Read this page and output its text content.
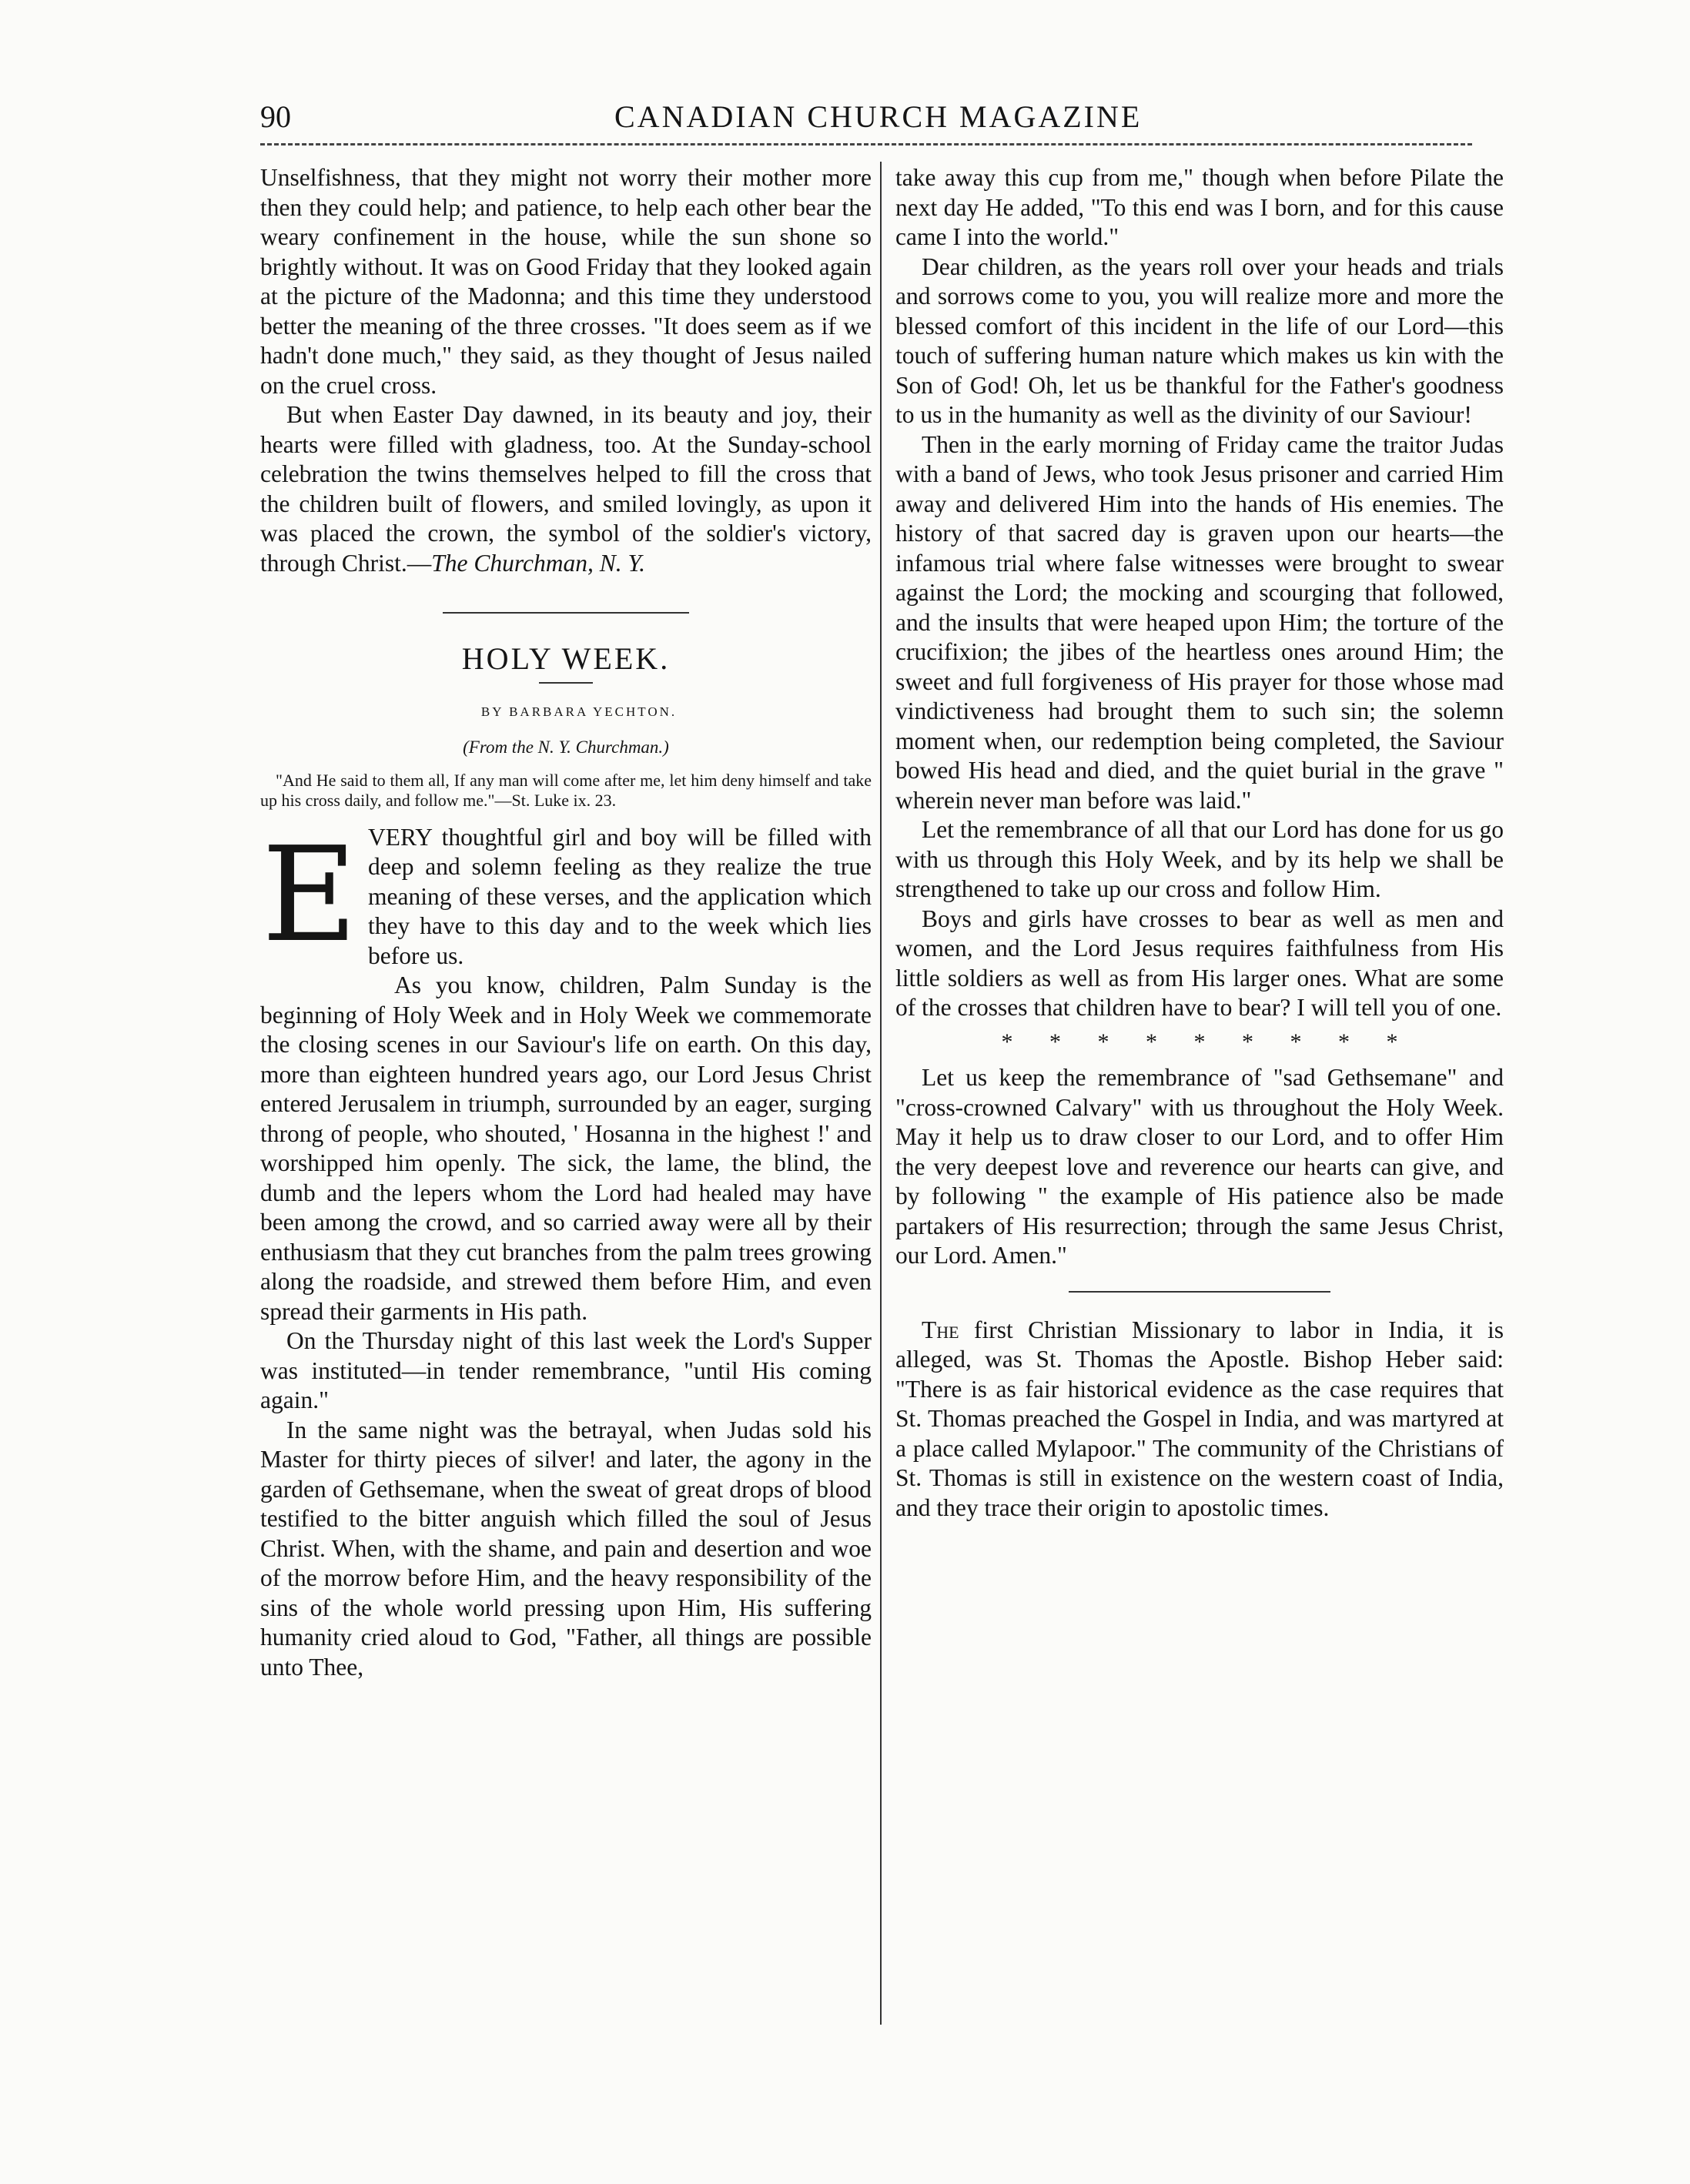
90	CANADIAN CHURCH MAGAZINE

Unselfishness, that they might not worry their mother more then they could help; and patience, to help each other bear the weary confinement in the house, while the sun shone so brightly without. It was on Good Friday that they looked again at the picture of the Madonna; and this time they understood better the meaning of the three crosses. "It does seem as if we hadn't done much," they said, as they thought of Jesus nailed on the cruel cross.

But when Easter Day dawned, in its beauty and joy, their hearts were filled with gladness, too. At the Sunday-school celebration the twins themselves helped to fill the cross that the children built of flowers, and smiled lovingly, as upon it was placed the crown, the symbol of the soldier's victory, through Christ.—The Churchman, N. Y.

HOLY WEEK.

BY BARBARA YECHTON.

(From the N. Y. Churchman.)

"And He said to them all, If any man will come after me, let him deny himself and take up his cross daily, and follow me."—St. Luke ix. 23.

EVERY thoughtful girl and boy will be filled with deep and solemn feeling as they realize the true meaning of these verses, and the application which they have to this day and to the week which lies before us.

As you know, children, Palm Sunday is the beginning of Holy Week and in Holy Week we commemorate the closing scenes in our Saviour's life on earth. On this day, more than eighteen hundred years ago, our Lord Jesus Christ entered Jerusalem in triumph, surrounded by an eager, surging throng of people, who shouted, ' Hosanna in the highest !' and worshipped him openly. The sick, the lame, the blind, the dumb and the lepers whom the Lord had healed may have been among the crowd, and so carried away were all by their enthusiasm that they cut branches from the palm trees growing along the roadside, and strewed them before Him, and even spread their garments in His path.

On the Thursday night of this last week the Lord's Supper was instituted—in tender remembrance, "until His coming again."

In the same night was the betrayal, when Judas sold his Master for thirty pieces of silver! and later, the agony in the garden of Gethsemane, when the sweat of great drops of blood testified to the bitter anguish which filled the soul of Jesus Christ. When, with the shame, and pain and desertion and woe of the morrow before Him, and the heavy responsibility of the sins of the whole world pressing upon Him, His suffering humanity cried aloud to God, "Father, all things are possible unto Thee,

take away this cup from me," though when before Pilate the next day He added, "To this end was I born, and for this cause came I into the world."

Dear children, as the years roll over your heads and trials and sorrows come to you, you will realize more and more the blessed comfort of this incident in the life of our Lord—this touch of suffering human nature which makes us kin with the Son of God! Oh, let us be thankful for the Father's goodness to us in the humanity as well as the divinity of our Saviour!

Then in the early morning of Friday came the traitor Judas with a band of Jews, who took Jesus prisoner and carried Him away and delivered Him into the hands of His enemies. The history of that sacred day is graven upon our hearts—the infamous trial where false witnesses were brought to swear against the Lord; the mocking and scourging that followed, and the insults that were heaped upon Him; the torture of the crucifixion; the jibes of the heartless ones around Him; the sweet and full forgiveness of His prayer for those whose mad vindictiveness had brought them to such sin; the solemn moment when, our redemption being completed, the Saviour bowed His head and died, and the quiet burial in the grave " wherein never man before was laid."

Let the remembrance of all that our Lord has done for us go with us through this Holy Week, and by its help we shall be strengthened to take up our cross and follow Him.

Boys and girls have crosses to bear as well as men and women, and the Lord Jesus requires faithfulness from His little soldiers as well as from His larger ones. What are some of the crosses that children have to bear? I will tell you of one.

* * * * * * * * *

Let us keep the remembrance of "sad Gethsemane" and "cross-crowned Calvary" with us throughout the Holy Week. May it help us to draw closer to our Lord, and to offer Him the very deepest love and reverence our hearts can give, and by following " the example of His patience also be made partakers of His resurrection; through the same Jesus Christ, our Lord. Amen."

The first Christian Missionary to labor in India, it is alleged, was St. Thomas the Apostle. Bishop Heber said: "There is as fair historical evidence as the case requires that St. Thomas preached the Gospel in India, and was martyred at a place called Mylapoor." The community of the Christians of St. Thomas is still in existence on the western coast of India, and they trace their origin to apostolic times.
